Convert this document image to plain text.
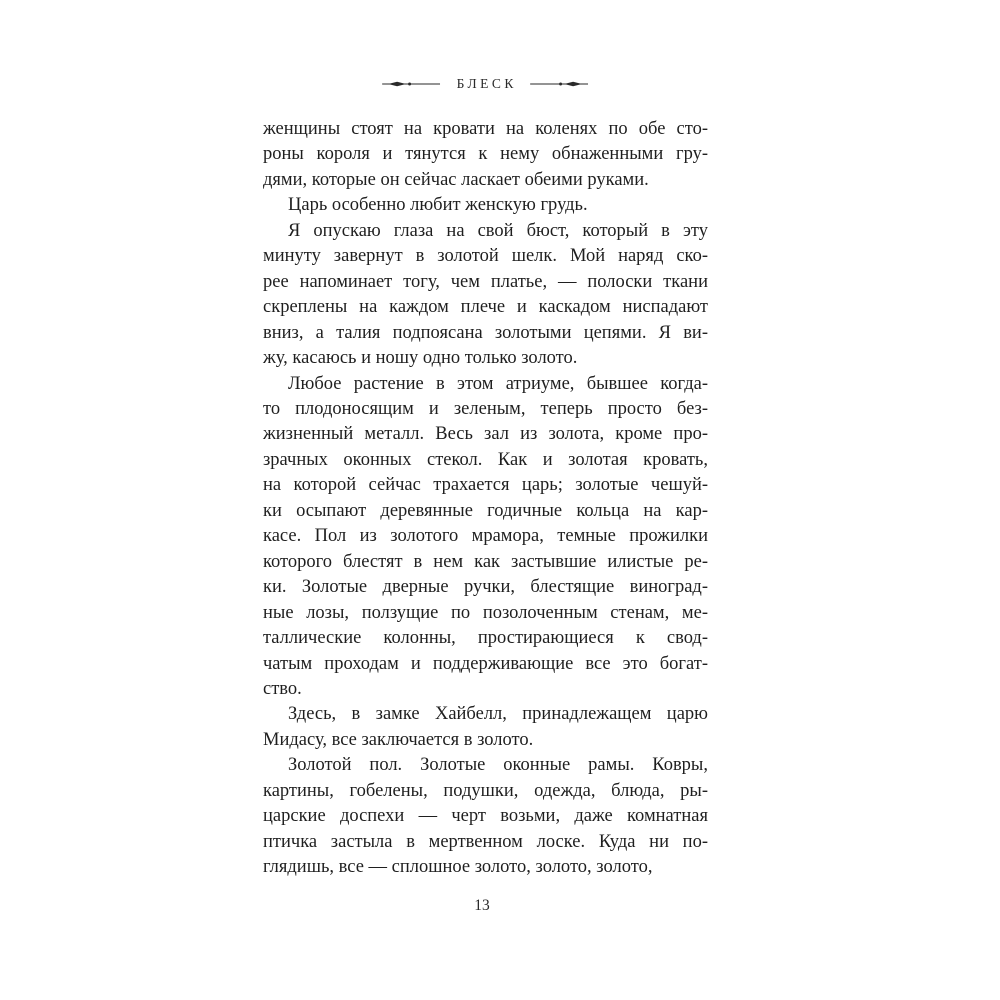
БЛЕСК
женщины стоят на кровати на коленях по обе сто-
роны короля и тянутся к нему обнаженными гру-
дями, которые он сейчас ласкает обеими руками.
Царь особенно любит женскую грудь.
Я опускаю глаза на свой бюст, который в эту
минуту завернут в золотой шелк. Мой наряд ско-
рее напоминает тогу, чем платье, — полоски ткани
скреплены на каждом плече и каскадом ниспадают
вниз, а талия подпоясана золотыми цепями. Я ви-
жу, касаюсь и ношу одно только золото.
Любое растение в этом атриуме, бывшее когда-
то плодоносящим и зеленым, теперь просто без-
жизненный металл. Весь зал из золота, кроме про-
зрачных оконных стекол. Как и золотая кровать,
на которой сейчас трахается царь; золотые чешуй-
ки осыпают деревянные годичные кольца на кар-
касе. Пол из золотого мрамора, темные прожилки
которого блестят в нем как застывшие илистые ре-
ки. Золотые дверные ручки, блестящие виноград-
ные лозы, ползущие по позолоченным стенам, ме-
таллические колонны, простирающиеся к свод-
чатым проходам и поддерживающие все это богат-
ство.
Здесь, в замке Хайбелл, принадлежащем царю
Мидасу, все заключается в золото.
Золотой пол. Золотые оконные рамы. Ковры,
картины, гобелены, подушки, одежда, блюда, ры-
царские доспехи — черт возьми, даже комнатная
птичка застыла в мертвенном лоске. Куда ни по-
глядишь, все — сплошное золото, золото, золото,
13
